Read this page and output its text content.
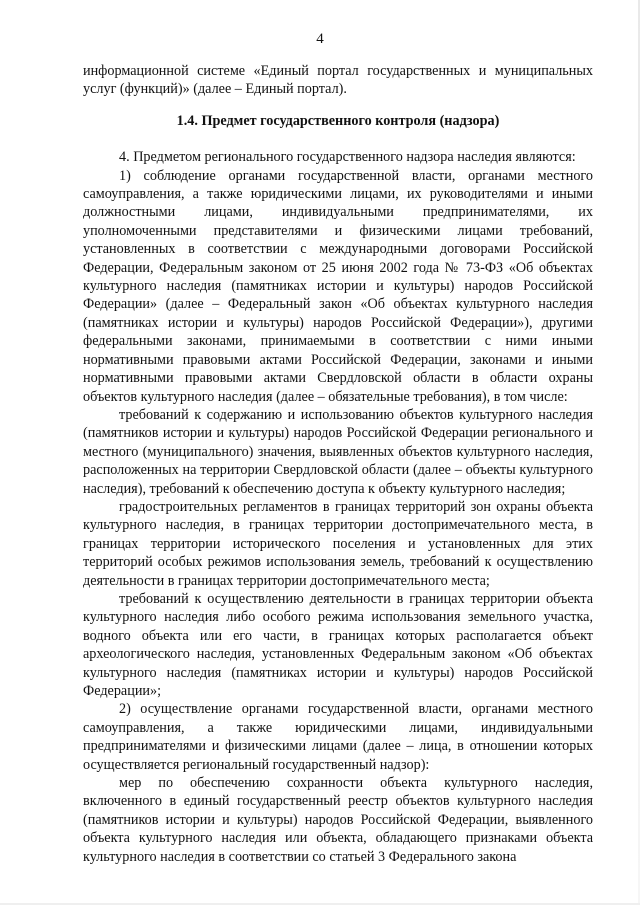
4

информационной системе «Единый портал государственных и муниципальных услуг (функций)» (далее – Единый портал).

1.4. Предмет государственного контроля (надзора)

4. Предметом регионального государственного надзора наследия являются:

1) соблюдение органами государственной власти, органами местного самоуправления, а также юридическими лицами, их руководителями и иными должностными лицами, индивидуальными предпринимателями, их уполномоченными представителями и физическими лицами требований, установленных в соответствии с международными договорами Российской Федерации, Федеральным законом от 25 июня 2002 года № 73-ФЗ «Об объектах культурного наследия (памятниках истории и культуры) народов Российской Федерации» (далее – Федеральный закон «Об объектах культурного наследия (памятниках истории и культуры) народов Российской Федерации»), другими федеральными законами, принимаемыми в соответствии с ними иными нормативными правовыми актами Российской Федерации, законами и иными нормативными правовыми актами Свердловской области в области охраны объектов культурного наследия (далее – обязательные требования), в том числе:

требований к содержанию и использованию объектов культурного наследия (памятников истории и культуры) народов Российской Федерации регионального и местного (муниципального) значения, выявленных объектов культурного наследия, расположенных на территории Свердловской области (далее – объекты культурного наследия), требований к обеспечению доступа к объекту культурного наследия;

градостроительных регламентов в границах территорий зон охраны объекта культурного наследия, в границах территории достопримечательного места, в границах территории исторического поселения и установленных для этих территорий особых режимов использования земель, требований к осуществлению деятельности в границах территории достопримечательного места;

требований к осуществлению деятельности в границах территории объекта культурного наследия либо особого режима использования земельного участка, водного объекта или его части, в границах которых располагается объект археологического наследия, установленных Федеральным законом «Об объектах культурного наследия (памятниках истории и культуры) народов Российской Федерации»;

2) осуществление органами государственной власти, органами местного самоуправления, а также юридическими лицами, индивидуальными предпринимателями и физическими лицами (далее – лица, в отношении которых осуществляется региональный государственный надзор):

мер по обеспечению сохранности объекта культурного наследия, включенного в единый государственный реестр объектов культурного наследия (памятников истории и культуры) народов Российской Федерации, выявленного объекта культурного наследия или объекта, обладающего признаками объекта культурного наследия в соответствии со статьей 3 Федерального закона
